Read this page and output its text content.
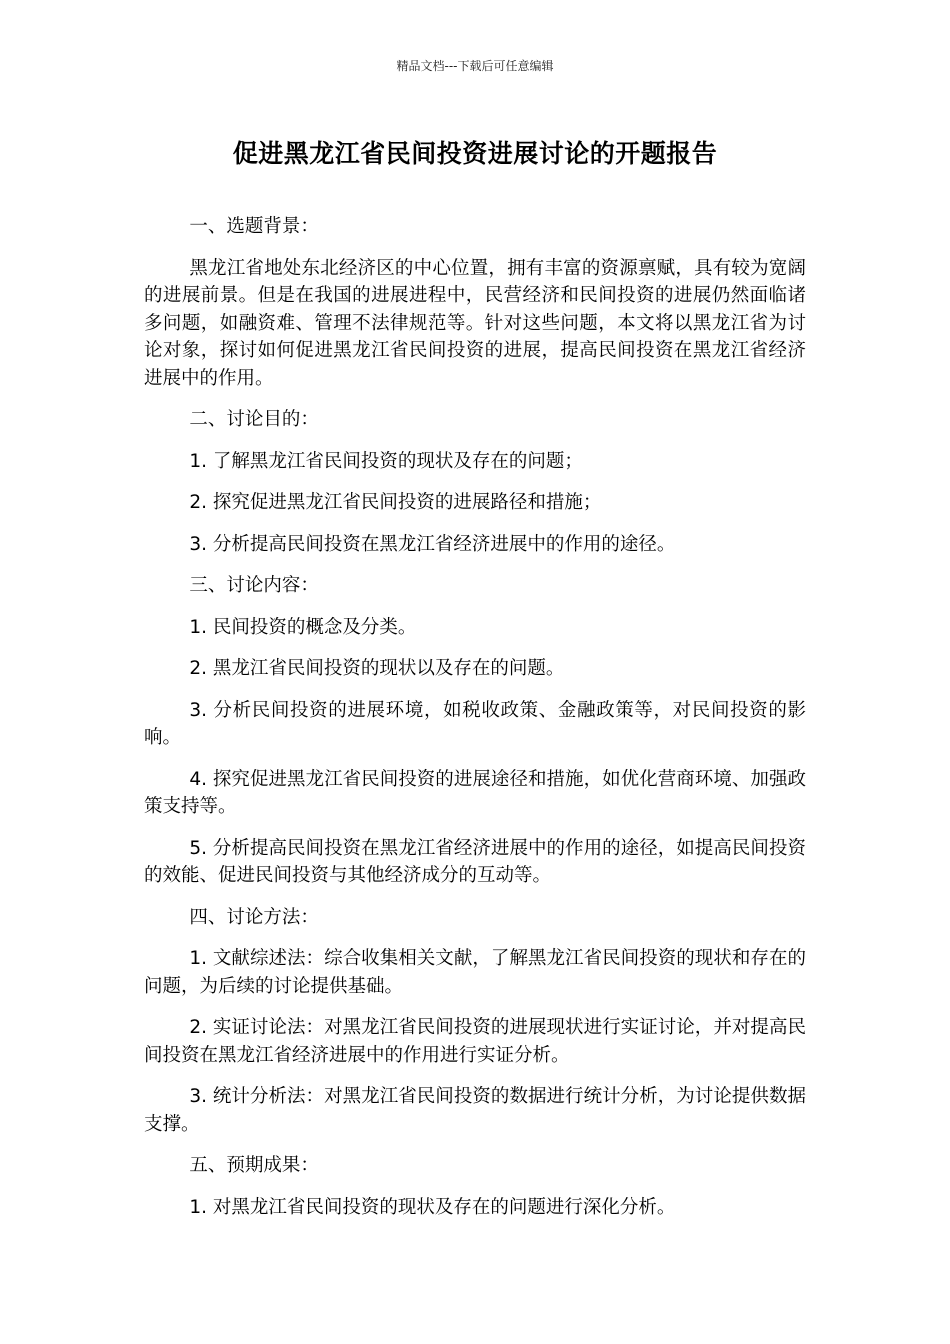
精品文档---下载后可任意编辑
促进黑龙江省民间投资进展讨论的开题报告

一、选题背景：

黑龙江省地处东北经济区的中心位置，拥有丰富的资源禀赋，具有较为宽阔的进展前景。但是在我国的进展进程中，民营经济和民间投资的进展仍然面临诸多问题，如融资难、管理不法律规范等。针对这些问题，本文将以黑龙江省为讨论对象，探讨如何促进黑龙江省民间投资的进展，提高民间投资在黑龙江省经济进展中的作用。

二、讨论目的：

1. 了解黑龙江省民间投资的现状及存在的问题；

2. 探究促进黑龙江省民间投资的进展路径和措施；

3. 分析提高民间投资在黑龙江省经济进展中的作用的途径。

三、讨论内容：

1. 民间投资的概念及分类。

2. 黑龙江省民间投资的现状以及存在的问题。

3. 分析民间投资的进展环境，如税收政策、金融政策等，对民间投资的影响。

4. 探究促进黑龙江省民间投资的进展途径和措施，如优化营商环境、加强政策支持等。

5. 分析提高民间投资在黑龙江省经济进展中的作用的途径，如提高民间投资的效能、促进民间投资与其他经济成分的互动等。

四、讨论方法：

1. 文献综述法：综合收集相关文献，了解黑龙江省民间投资的现状和存在的问题，为后续的讨论提供基础。

2. 实证讨论法：对黑龙江省民间投资的进展现状进行实证讨论，并对提高民间投资在黑龙江省经济进展中的作用进行实证分析。

3. 统计分析法：对黑龙江省民间投资的数据进行统计分析，为讨论提供数据支撑。

五、预期成果：

1. 对黑龙江省民间投资的现状及存在的问题进行深化分析。
